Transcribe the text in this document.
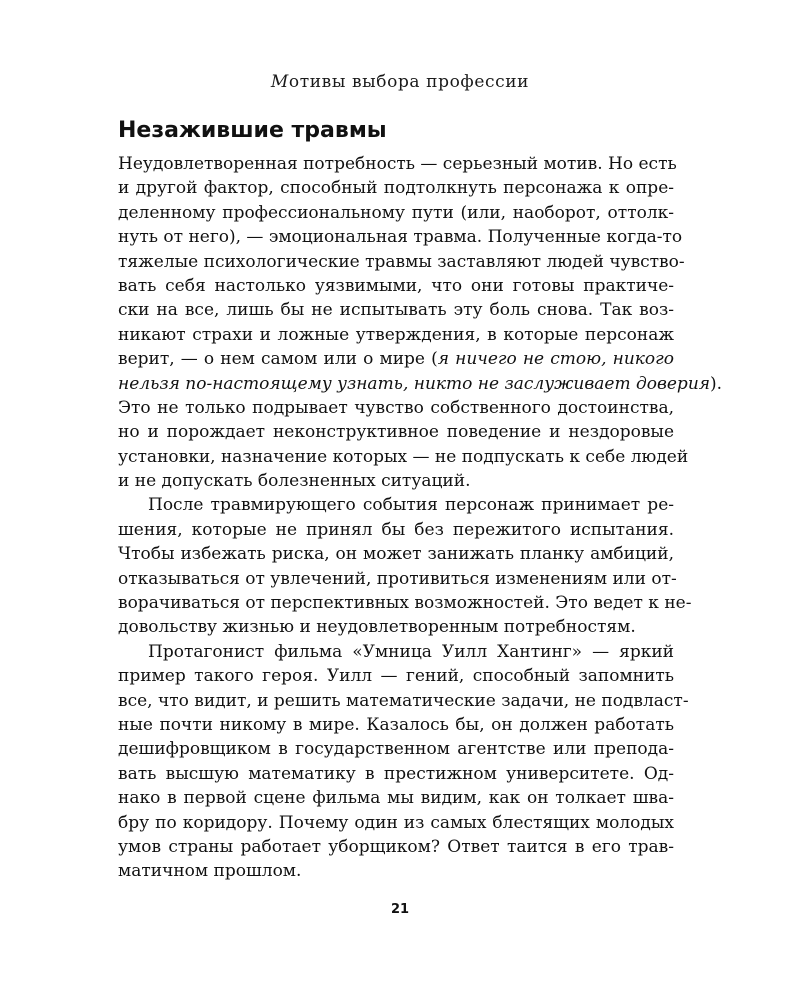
Мотивы выбора профессии
Незажившие травмы
Неудовлетворенная потребность — серьезный мотив. Но есть
и другой фактор, способный подтолкнуть персонажа к опре-
деленному профессиональному пути (или, наоборот, оттолк-
нуть от него), — эмоциональная травма. Полученные когда-то
тяжелые психологические травмы заставляют людей чувство-
вать себя настолько уязвимыми, что они готовы практиче-
ски на все, лишь бы не испытывать эту боль снова. Так воз-
никают страхи и ложные утверждения, в которые персонаж
верит, — о нем самом или о мире (я ничего не стою, никого
нельзя по-настоящему узнать, никто не заслуживает доверия).
Это не только подрывает чувство собственного достоинства,
но и порождает неконструктивное поведение и нездоровые
установки, назначение которых — не подпускать к себе людей
и не допускать болезненных ситуаций.
После травмирующего события персонаж принимает ре-
шения, которые не принял бы без пережитого испытания.
Чтобы избежать риска, он может занижать планку амбиций,
отказываться от увлечений, противиться изменениям или от-
ворачиваться от перспективных возможностей. Это ведет к не-
довольству жизнью и неудовлетворенным потребностям.
Протагонист фильма «Умница Уилл Хантинг» — яркий
пример такого героя. Уилл — гений, способный запомнить
все, что видит, и решить математические задачи, не подвласт-
ные почти никому в мире. Казалось бы, он должен работать
дешифровщиком в государственном агентстве или препода-
вать высшую математику в престижном университете. Од-
нако в первой сцене фильма мы видим, как он толкает шва-
бру по коридору. Почему один из самых блестящих молодых
умов страны работает уборщиком? Ответ таится в его трав-
матичном прошлом.
21
